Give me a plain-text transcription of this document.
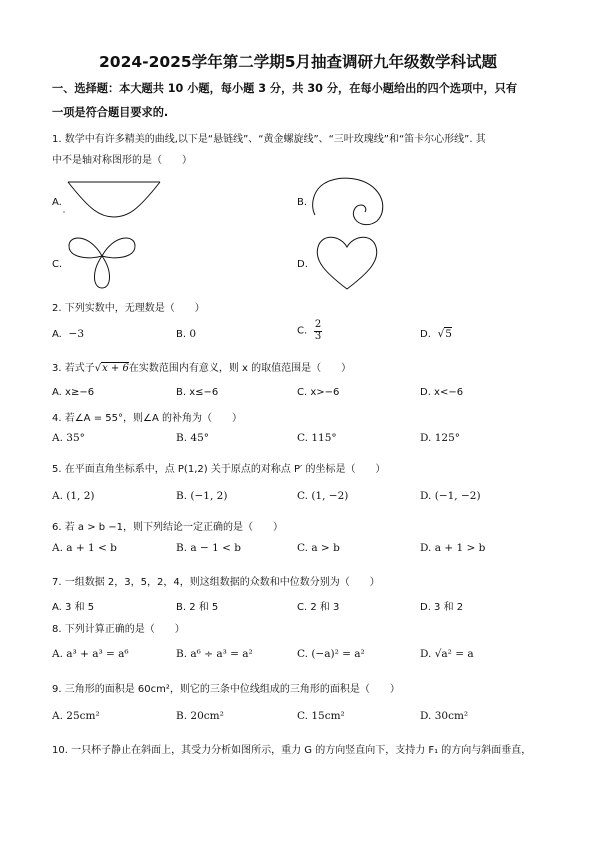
2024-2025学年第二学期5月抽查调研九年级数学科试题
一、选择题：本大题共 10 小题，每小题 3 分，共 30 分，在每小题给出的四个选项中，只有
一项是符合题目要求的.
1. 数学中有许多精美的曲线,以下是“悬链线”、“黄金螺旋线”、“三叶玫瑰线”和“笛卡尔心形线”. 其
中不是轴对称图形的是（　　）
A.	B.
C.	D.
2. 下列实数中，无理数是（　　）
A. −3	B. 0	C. $\frac{2}{3}$	D. √5
3. 若式子√x + 6在实数范围内有意义，则 x 的取值范围是（　　）
A. x≥−6	B. x≤−6	C. x>−6	D. x<−6
4. 若∠A = 55°，则∠A 的补角为（　　）
A. 35°	B. 45°	C. 115°	D. 125°
5. 在平面直角坐标系中，点 P(1,2) 关于原点的对称点 P′ 的坐标是（　　）
A. (1, 2)	B. (−1, 2)	C. (1, −2)	D. (−1, −2)
6. 若 a > b −1，则下列结论一定正确的是（　　）
A. a + 1 < b	B. a − 1 < b	C. a > b	D. a + 1 > b
7. 一组数据 2，3，5，2，4，则这组数据的众数和中位数分别为（　　）
A. 3 和 5	B. 2 和 5	C. 2 和 3	D. 3 和 2
8. 下列计算正确的是（　　）
A. a³ + a³ = a⁶	B. a⁶ ÷ a³ = a²	C. (−a)² = a²	D. √a² = a
9. 三角形的面积是 60cm²，则它的三条中位线组成的三角形的面积是（　　）
A. 25cm²	B. 20cm²	C. 15cm²	D. 30cm²
10. 一只杯子静止在斜面上，其受力分析如图所示，重力 G 的方向竖直向下，支持力 F₁ 的方向与斜面垂直，
